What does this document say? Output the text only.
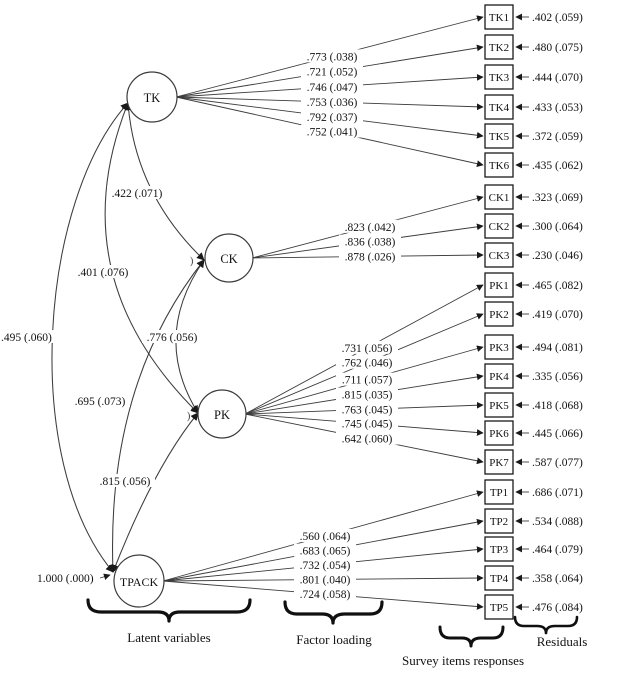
.422 (.071)
.401 (.076)
.495 (.060)	.776 (.056)
.695 (.073)
.815 (.056)
1.000 (.000)
)
)
.773 (.038)
.721 (.052)
.746 (.047)
.753 (.036)
.792 (.037)
.752 (.041)
.823 (.042)
.836 (.038)
.878 (.026)
.731 (.056)
.762 (.046)
.711 (.057)
.815 (.035)
.763 (.045)
.745 (.045)
.642 (.060)
.560 (.064)
.683 (.065)
.732 (.054)
.801 (.040)
.724 (.058)
TK1 .402 (.059)
TK2 .480 (.075)
TK3 .444 (.070)
TK4 .433 (.053)
TK5 .372 (.059)
TK6 .435 (.062)
CK1 .323 (.069)
CK2 .300 (.064)
CK3 .230 (.046)
PK1 .465 (.082)
PK2 .419 (.070)
PK3 .494 (.081)
PK4 .335 (.056)
PK5 .418 (.068)
PK6 .445 (.066)
PK7 .587 (.077)
TP1 .686 (.071)
TP2 .534 (.088)
TP3 .464 (.079)
TP4 .358 (.064)
TP5 .476 (.084)
TK
CK
PK
TPACK
Latent variables	Factor loading
Survey items responses
Residuals
